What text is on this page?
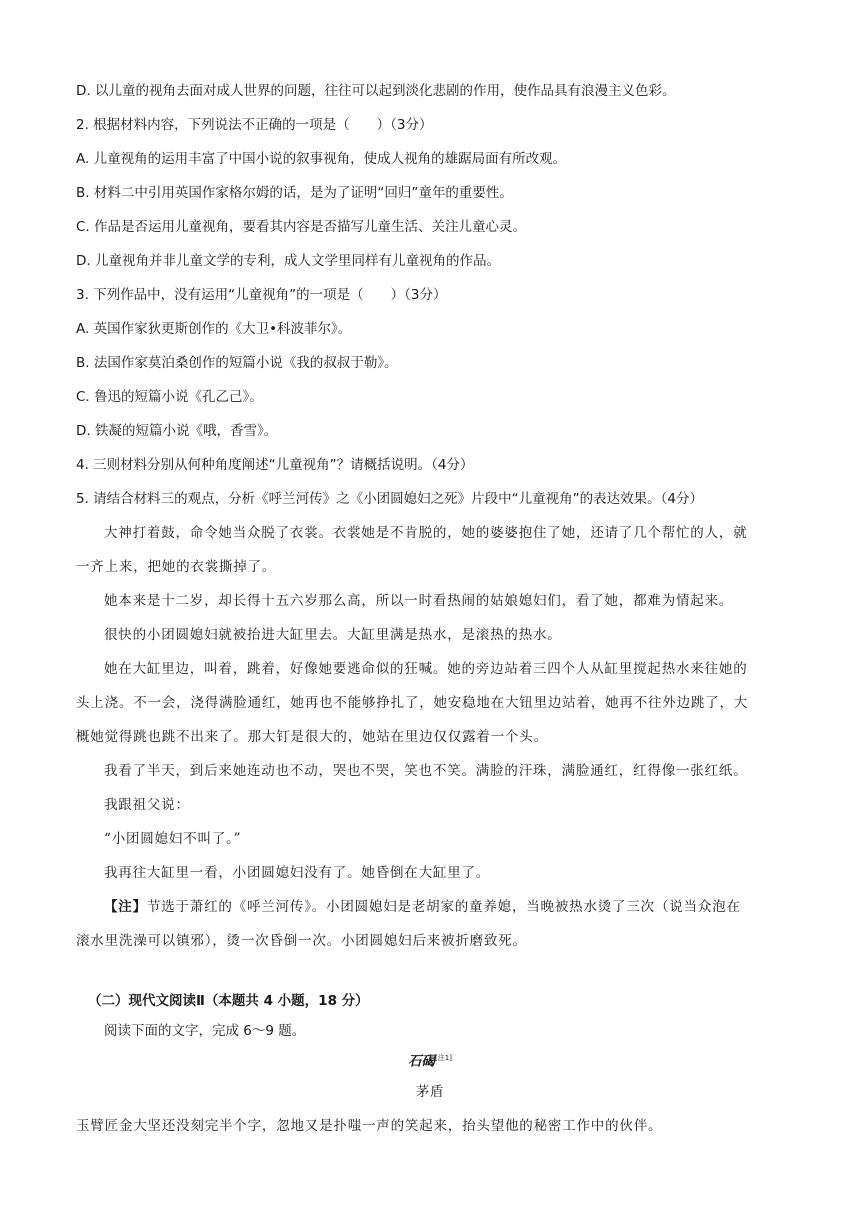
D. 以儿童的视角去面对成人世界的问题，往往可以起到淡化悲剧的作用，使作品具有浪漫主义色彩。
2. 根据材料内容，下列说法不正确的一项是（　　）（3分）
A. 儿童视角的运用丰富了中国小说的叙事视角，使成人视角的雄踞局面有所改观。
B. 材料二中引用英国作家格尔姆的话，是为了证明“回归”童年的重要性。
C. 作品是否运用儿童视角，要看其内容是否描写儿童生活、关注儿童心灵。
D. 儿童视角并非儿童文学的专利，成人文学里同样有儿童视角的作品。
3. 下列作品中，没有运用“儿童视角”的一项是（　　）（3分）
A. 英国作家狄更斯创作的《大卫•科波菲尔》。
B. 法国作家莫泊桑创作的短篇小说《我的叔叔于勒》。
C. 鲁迅的短篇小说《孔乙己》。
D. 铁凝的短篇小说《哦，香雪》。
4. 三则材料分别从何种角度阐述“儿童视角”？请概括说明。（4分）
5. 请结合材料三的观点，分析《呼兰河传》之《小团圆媳妇之死》片段中“儿童视角”的表达效果。（4分）
大神打着鼓，命令她当众脱了衣裳。衣裳她是不肯脱的，她的婆婆抱住了她，还请了几个帮忙的人，就
一齐上来，把她的衣裳撕掉了。
她本来是十二岁，却长得十五六岁那么高，所以一时看热闹的姑娘媳妇们，看了她，都难为情起来。
很快的小团圆媳妇就被抬进大缸里去。大缸里满是热水，是滚热的热水。
她在大缸里边，叫着，跳着，好像她要逃命似的狂喊。她的旁边站着三四个人从缸里搅起热水来往她的
头上浇。不一会，浇得满脸通红，她再也不能够挣扎了，她安稳地在大钮里边站着，她再不往外边跳了，大
概她觉得跳也跳不出来了。那大钉是很大的，她站在里边仅仅露着一个头。
我看了半天，到后来她连动也不动，哭也不哭，笑也不笑。满脸的汗珠，满脸通红，红得像一张红纸。
我跟祖父说：
“小团圆媳妇不叫了。”
我再往大缸里一看，小团圆媳妇没有了。她昏倒在大缸里了。
【注】节选于萧红的《呼兰河传》。小团圆媳妇是老胡家的童养媳，当晚被热水烫了三次（说当众泡在
滚水里洗澡可以镇邪），烫一次昏倒一次。小团圆媳妇后来被折磨致死。
（二）现代文阅读Ⅱ（本题共 4 小题，18 分）
阅读下面的文字，完成 6～9 题。
石碣[注1]
茅盾
玉臂匠金大坚还没刻完半个字，忽地又是扑嗤一声的笑起来，抬头望他的秘密工作中的伙伴。
